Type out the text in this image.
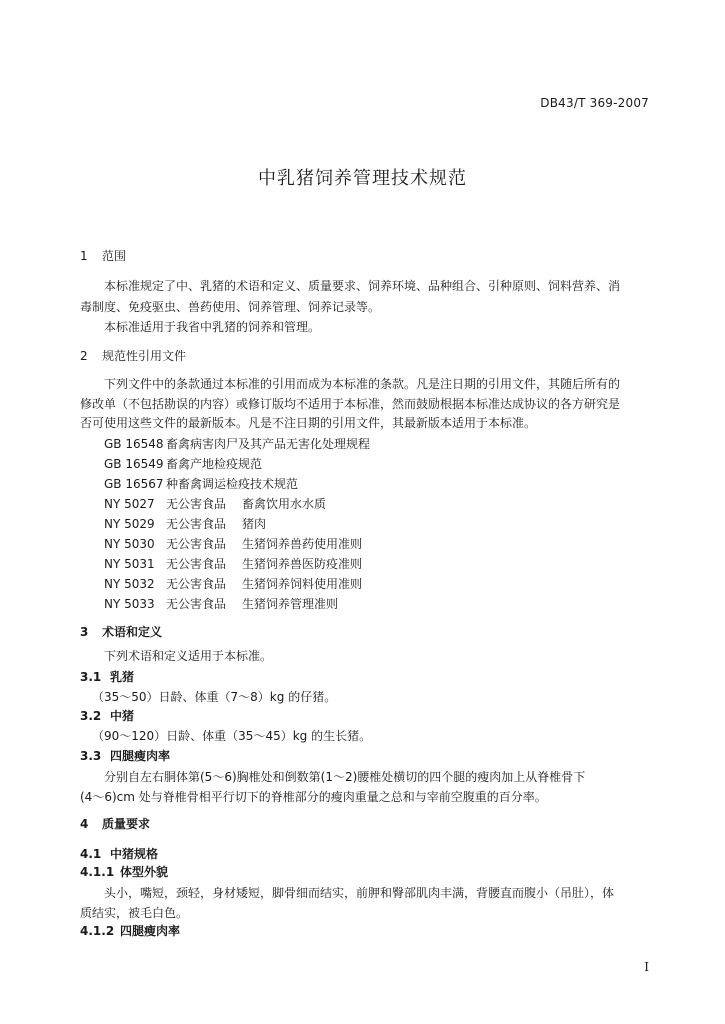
DB43/T 369-2007
中乳猪饲养管理技术规范
1 范围
本标准规定了中、乳猪的术语和定义、质量要求、饲养环境、品种组合、引种原则、饲料营养、消
毒制度、免疫驱虫、兽药使用、饲养管理、饲养记录等。
本标准适用于我省中乳猪的饲养和管理。
2 规范性引用文件
下列文件中的条款通过本标准的引用而成为本标准的条款。凡是注日期的引用文件，其随后所有的
修改单（不包括勘误的内容）或修订版均不适用于本标准，然而鼓励根据本标准达成协议的各方研究是
否可使用这些文件的最新版本。凡是不注日期的引用文件，其最新版本适用于本标准。
GB 16548 畜禽病害肉尸及其产品无害化处理规程
GB 16549 畜禽产地检疫规范
GB 16567 种畜禽调运检疫技术规范
NY 5027 无公害食品 畜禽饮用水水质
NY 5029 无公害食品 猪肉
NY 5030 无公害食品 生猪饲养兽药使用准则
NY 5031 无公害食品 生猪饲养兽医防疫准则
NY 5032 无公害食品 生猪饲养饲料使用准则
NY 5033 无公害食品 生猪饲养管理准则
3 术语和定义
下列术语和定义适用于本标准。
3.1 乳猪
（35～50）日龄、体重（7～8）kg 的仔猪。
3.2 中猪
（90～120）日龄、体重（35～45）kg 的生长猪。
3.3 四腿瘦肉率
分别自左右胴体第(5～6)胸椎处和倒数第(1～2)腰椎处横切的四个腿的瘦肉加上从脊椎骨下
(4～6)cm 处与脊椎骨相平行切下的脊椎部分的瘦肉重量之总和与宰前空腹重的百分率。
4 质量要求
4.1 中猪规格
4.1.1 体型外貌
头小，嘴短，颈轻，身材矮短，脚骨细而结实，前胛和臀部肌肉丰满，背腰直而腹小（吊肚），体
质结实，被毛白色。
4.1.2 四腿瘦肉率
I
